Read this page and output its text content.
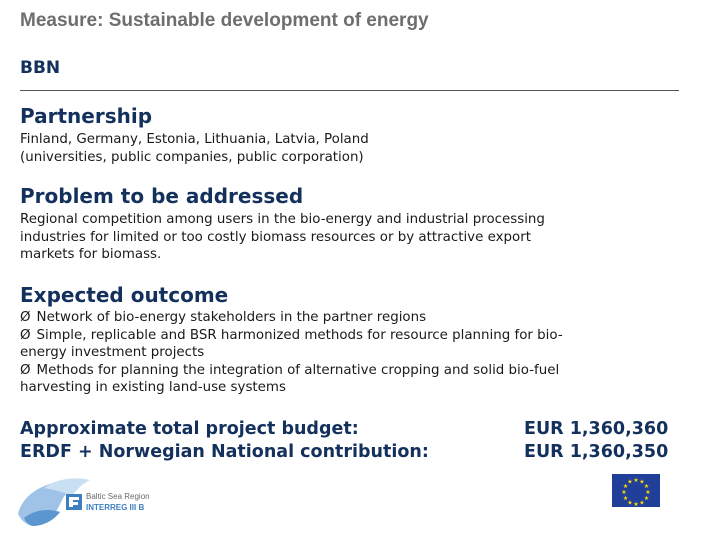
Measure: Sustainable development of energy
BBN
Partnership
Finland, Germany, Estonia, Lithuania, Latvia, Poland
(universities, public companies, public corporation)
Problem to be addressed
Regional competition among users in the bio-energy and industrial processing
industries for limited or too costly biomass resources or by attractive export
markets for biomass.
Expected outcome
Ø Network of bio-energy stakeholders in the partner regions
Ø Simple, replicable and BSR harmonized methods for resource planning for bio-
energy investment projects
Ø Methods for planning the integration of alternative cropping and solid bio-fuel
harvesting in existing land-use systems
Approximate total project budget:
ERDF + Norwegian National contribution:
EUR 1,360,360
EUR 1,360,350
Baltic Sea Region
INTERREG III B
★ ★
★
★
★
★
★
★
★
★
★
★
